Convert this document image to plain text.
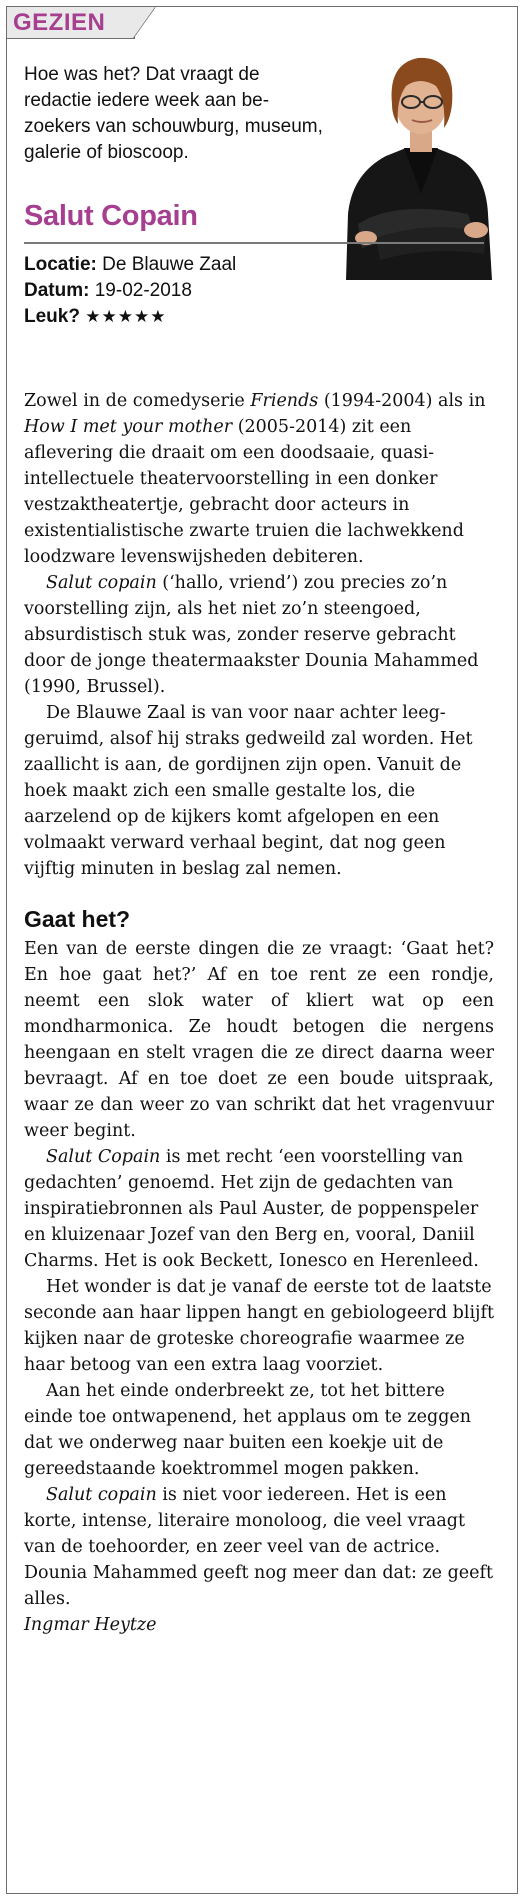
GEZIEN
Hoe was het? Dat vraagt de redactie iedere week aan bezoekers van schouwburg, museum, galerie of bioscoop.
Salut Copain
Locatie: De Blauwe Zaal
Datum: 19-02-2018
Leuk? ★★★★★

Zowel in de comedyserie Friends (1994-2004) als in How I met your mother (2005-2014) zit een aflevering die draait om een doodsaaie, quasi-intellectuele theatervoorstelling in een donker vestzaktheatertje, gebracht door acteurs in existentialistische zwarte truien die lachwekkend loodzware levenswijsheden debiteren.

Salut copain (‘hallo, vriend’) zou precies zo’n voorstelling zijn, als het niet zo’n steengoed, absurdistisch stuk was, zonder reserve gebracht door de jonge theatermaakster Dounia Mahammed (1990, Brussel).

De Blauwe Zaal is van voor naar achter leeggeruimd, alsof hij straks gedweild zal worden. Het zaallicht is aan, de gordijnen zijn open. Vanuit de hoek maakt zich een smalle gestalte los, die aarzelend op de kijkers komt afgelopen en een volmaakt verward verhaal begint, dat nog geen vijftig minuten in beslag zal nemen.

Gaat het?

Een van de eerste dingen die ze vraagt: ‘Gaat het? En hoe gaat het?’ Af en toe rent ze een rondje, neemt een slok water of kliert wat op een mondharmonica. Ze houdt betogen die nergens heengaan en stelt vragen die ze direct daarna weer bevraagt. Af en toe doet ze een boude uitspraak, waar ze dan weer zo van schrikt dat het vragenvuur weer begint.

Salut Copain is met recht ‘een voorstelling van gedachten’ genoemd. Het zijn de gedachten van inspiratiebronnen als Paul Auster, de poppenspeler en kluizenaar Jozef van den Berg en, vooral, Daniil Charms. Het is ook Beckett, Ionesco en Herenleed.

Het wonder is dat je vanaf de eerste tot de laatste seconde aan haar lippen hangt en gebiologeerd blijft kijken naar de groteske choreografie waarmee ze haar betoog van een extra laag voorziet.

Aan het einde onderbreekt ze, tot het bittere einde toe ontwapenend, het applaus om te zeggen dat we onderweg naar buiten een koekje uit de gereedstaande koektrommel mogen pakken.

Salut copain is niet voor iedereen. Het is een korte, intense, literaire monoloog, die veel vraagt van de toehoorder, en zeer veel van de actrice.

Dounia Mahammed geeft nog meer dan dat: ze geeft alles.

Ingmar Heytze
